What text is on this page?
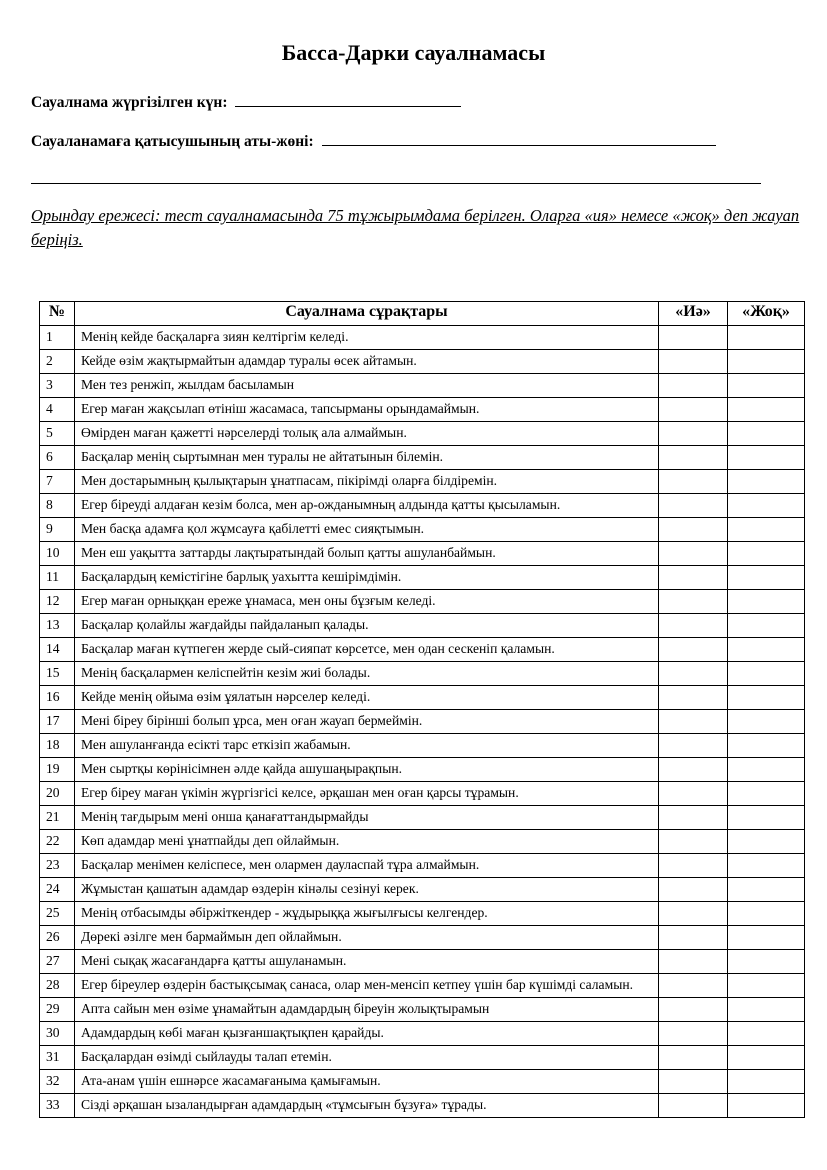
Басса-Дарки сауалнамасы
Сауалнама жүргізілген күн:
Сауаланамаға қатысушының аты-жөні:
Орындау ережесі: тест сауалнамасында 75 тұжырымдама берілген. Оларға «ия» немесе «жоқ» деп жауап беріңіз.
№	Сауалнама сұрақтары	«Иә»	«Жоқ»
1	Менің кейде басқаларға зиян келтіргім келеді.		
2	Кейде өзім жақтырмайтын адамдар туралы өсек айтамын.		
3	Мен тез ренжіп, жылдам басыламын		
4	Егер маған жақсылап өтініш жасамаса, тапсырманы орындамаймын.		
5	Өмірден маған қажетті нәрселерді толық ала алмаймын.		
6	Басқалар менің сыртымнан мен туралы не айтатынын білемін.		
7	Мен достарымның қылықтарын ұнатпасам, пікірімді оларға білдіремін.		
8	Егер біреуді алдаған кезім болса, мен ар-ожданымның алдында қатты қысыламын.		
9	Мен басқа адамға қол жұмсауға қабілетті емес сияқтымын.		
10	Мен еш уақытта заттарды лақтыратындай болып қатты ашуланбаймын.		
11	Басқалардың кемістігіне барлық уахытта кешірімдімін.		
12	Егер маған орныққан ереже ұнамаса, мен оны бұзғым келеді.		
13	Басқалар қолайлы жағдайды пайдаланып қалады.		
14	Басқалар маған күтпеген жерде сый-сияпат көрсетсе, мен одан сескеніп қаламын.		
15	Менің басқалармен келіспейтін кезім жиі болады.		
16	Кейде менің ойыма өзім ұялатын нәрселер келеді.		
17	Мені біреу бірінші болып ұрса, мен оған жауап бермеймін.		
18	Мен ашуланғанда есікті тарс еткізіп жабамын.		
19	Мен сыртқы көрінісімнен әлде қайда ашушаңырақпын.		
20	Егер біреу маған үкімін жүргізгісі келсе, әрқашан мен оған қарсы тұрамын.		
21	Менің тағдырым мені онша қанағаттандырмайды		
22	Көп адамдар мені ұнатпайды деп ойлаймын.		
23	Басқалар менімен келіспесе, мен олармен дауласпай тұра алмаймын.		
24	Жұмыстан қашатын адамдар өздерін кінәлы сезінуі керек.		
25	Менің отбасымды әбіржіткендер - жұдырыққа жығылғысы келгендер.		
26	Дөрекі әзілге мен бармаймын деп ойлаймын.		
27	Мені сықақ жасағандарға қатты ашуланамын.		
28	Егер біреулер өздерін бастықсымақ санаса, олар мен-менсіп кетпеу үшін бар күшімді саламын.		
29	Апта сайын мен өзіме ұнамайтын адамдардың біреуін жолықтырамын		
30	Адамдардың көбі маған қызғаншақтықпен қарайды.		
31	Басқалардан өзімді сыйлауды талап етемін.		
32	Ата-анам үшін ешнәрсе жасамағаныма қамығамын.		
33	Сізді әрқашан ызаландырған адамдардың «тұмсығын бұзуға» тұрады.		
